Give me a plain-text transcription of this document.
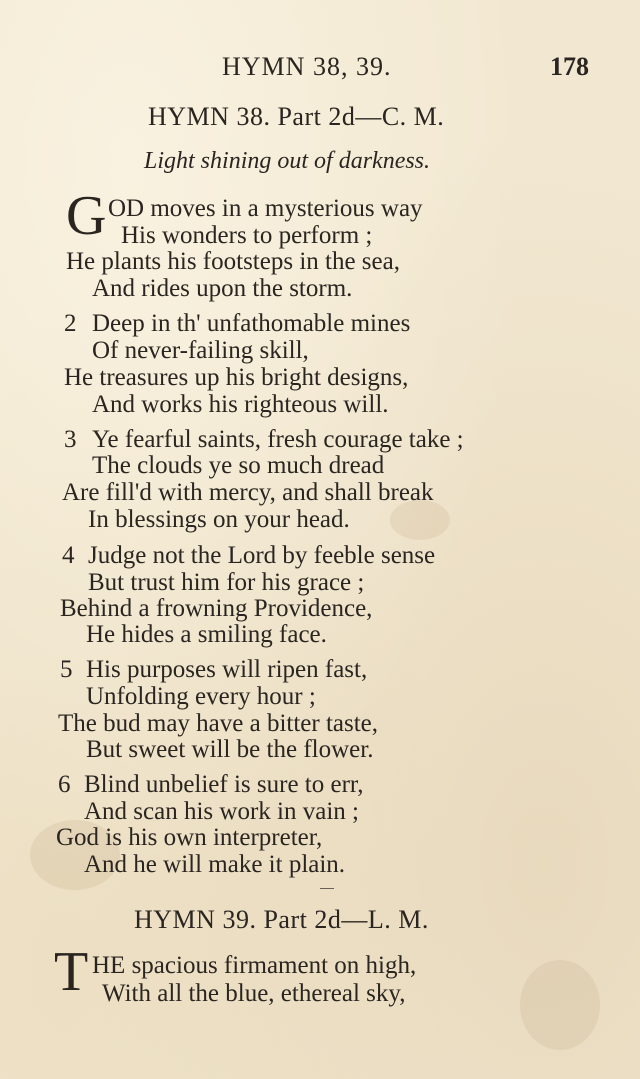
HYMN 38, 39.	178
HYMN 38. Part 2d—C. M.
Light shining out of darkness.
G OD moves in a mysterious way
His wonders to perform ;
He plants his footsteps in the sea,
And rides upon the storm.
2 Deep in th' unfathomable mines
Of never-failing skill,
He treasures up his bright designs,
And works his righteous will.
3 Ye fearful saints, fresh courage take ;
The clouds ye so much dread
Are fill'd with mercy, and shall break
In blessings on your head.
4 Judge not the Lord by feeble sense
But trust him for his grace ;
Behind a frowning Providence,
He hides a smiling face.
5 His purposes will ripen fast,
Unfolding every hour ;
The bud may have a bitter taste,
But sweet will be the flower.
6 Blind unbelief is sure to err,
And scan his work in vain ;
God is his own interpreter,
And he will make it plain.
HYMN 39. Part 2d—L. M.
T HE spacious firmament on high,
With all the blue, ethereal sky,
